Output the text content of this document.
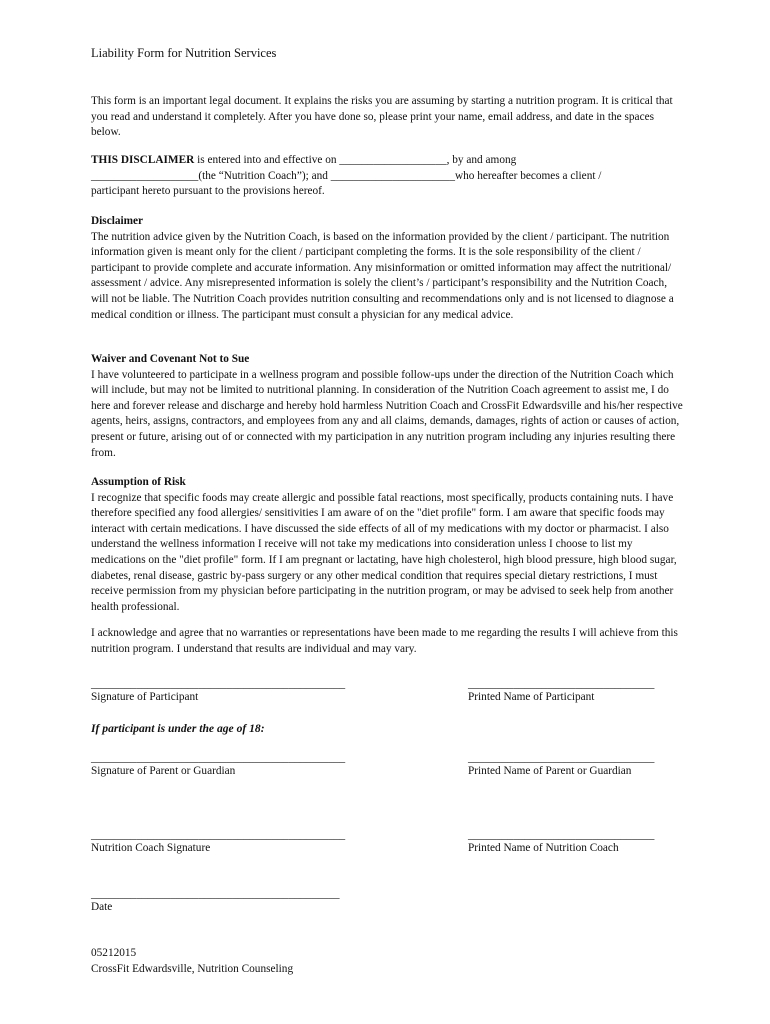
Liability Form for Nutrition Services

This form is an important legal document. It explains the risks you are assuming by starting a nutrition program. It is critical that you read and understand it completely. After you have done so, please print your name, email address, and date in the spaces below.

THIS DISCLAIMER is entered into and effective on ___________________, by and among

___________________(the “Nutrition Coach”); and ______________________who hereafter becomes a client /

participant hereto pursuant to the provisions hereof.

Disclaimer

The nutrition advice given by the Nutrition Coach, is based on the information provided by the client / participant. The nutrition information given is meant only for the client / participant completing the forms. It is the sole responsibility of the client / participant to provide complete and accurate information. Any misinformation or omitted information may affect the nutritional/ assessment / advice. Any misrepresented information is solely the client’s / participant’s responsibility and the Nutrition Coach, will not be liable. The Nutrition Coach provides nutrition consulting and recommendations only and is not licensed to diagnose a medical condition or illness. The participant must consult a physician for any medical advice.

Waiver and Covenant Not to Sue

I have volunteered to participate in a wellness program and possible follow-ups under the direction of the Nutrition Coach which will include, but may not be limited to nutritional planning. In consideration of the Nutrition Coach agreement to assist me, I do here and forever release and discharge and hereby hold harmless Nutrition Coach and CrossFit Edwardsville and his/her respective agents, heirs, assigns, contractors, and employees from any and all claims, demands, damages, rights of action or causes of action, present or future, arising out of or connected with my participation in any nutrition program including any injuries resulting there from.

Assumption of Risk

I recognize that specific foods may create allergic and possible fatal reactions, most specifically, products containing nuts. I have therefore specified any food allergies/ sensitivities I am aware of on the "diet profile" form. I am aware that specific foods may interact with certain medications. I have discussed the side effects of all of my medications with my doctor or pharmacist. I also understand the wellness information I receive will not take my medications into consideration unless I choose to list my medications on the "diet profile" form. If I am pregnant or lactating, have high cholesterol, high blood pressure, high blood sugar, diabetes, renal disease, gastric by-pass surgery or any other medical condition that requires special dietary restrictions, I must receive permission from my physician before participating in the nutrition program, or may be advised to seek help from another health professional.

I acknowledge and agree that no warranties or representations have been made to me regarding the results I will achieve from this nutrition program. I understand that results are individual and may vary.

_____________________________________________
Signature of Participant
_________________________________
Printed Name of Participant
If participant is under the age of 18:
_____________________________________________
Signature of Parent or Guardian
_________________________________
Printed Name of Parent or Guardian
_____________________________________________
Nutrition Coach Signature
_________________________________
Printed Name of Nutrition Coach
____________________________________________
Date
05212015
CrossFit Edwardsville, Nutrition Counseling
